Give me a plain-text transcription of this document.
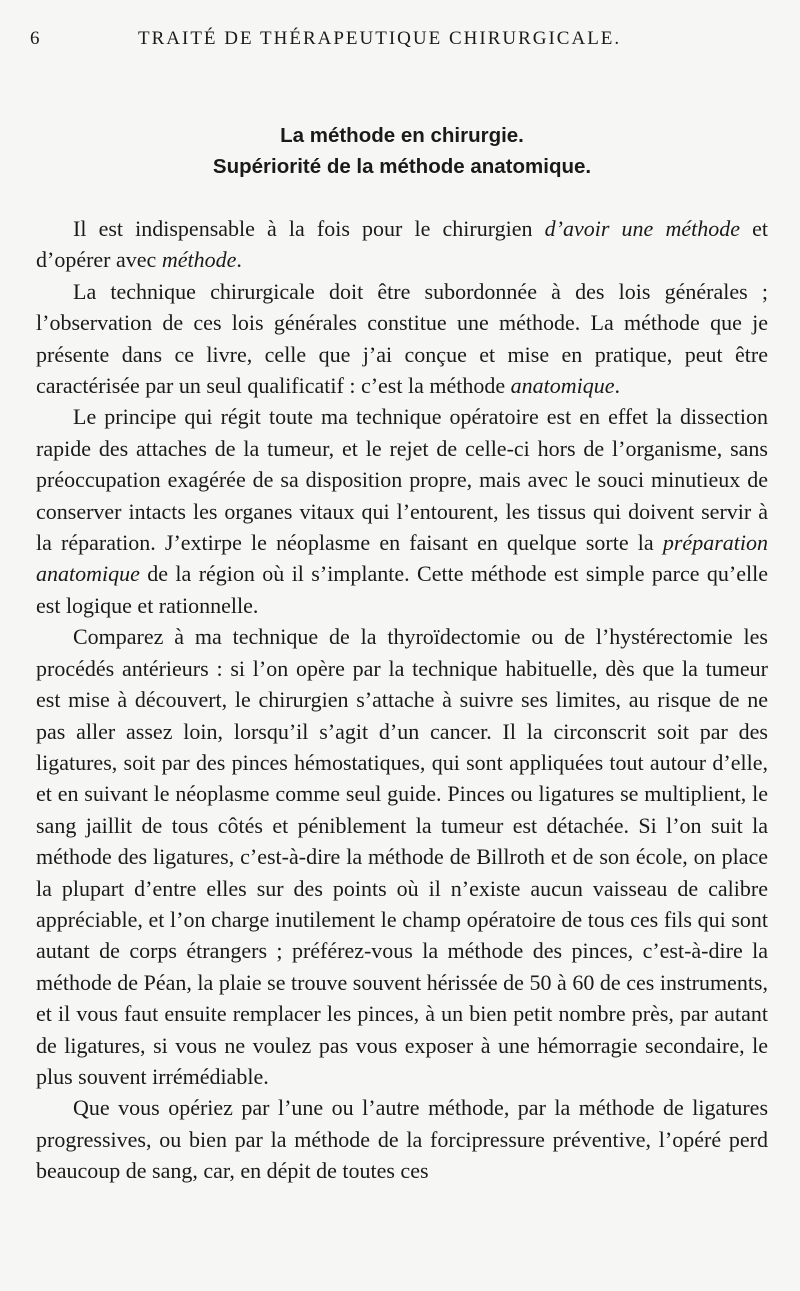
6	TRAITÉ DE THÉRAPEUTIQUE CHIRURGICALE.
La méthode en chirurgie.
Supériorité de la méthode anatomique.

Il est indispensable à la fois pour le chirurgien d’avoir une méthode et d’opérer avec méthode.

La technique chirurgicale doit être subordonnée à des lois générales ; l’observation de ces lois générales constitue une méthode. La méthode que je présente dans ce livre, celle que j’ai conçue et mise en pratique, peut être caractérisée par un seul qualificatif : c’est la méthode anatomique.

Le principe qui régit toute ma technique opératoire est en effet la dissection rapide des attaches de la tumeur, et le rejet de celle-ci hors de l’organisme, sans préoccupation exagérée de sa disposition propre, mais avec le souci minutieux de conserver intacts les organes vitaux qui l’entourent, les tissus qui doivent servir à la réparation. J’extirpe le néoplasme en faisant en quelque sorte la préparation anatomique de la région où il s’implante. Cette méthode est simple parce qu’elle est logique et rationnelle.

Comparez à ma technique de la thyroïdectomie ou de l’hystérectomie les procédés antérieurs : si l’on opère par la technique habituelle, dès que la tumeur est mise à découvert, le chirurgien s’attache à suivre ses limites, au risque de ne pas aller assez loin, lorsqu’il s’agit d’un cancer. Il la circonscrit soit par des ligatures, soit par des pinces hémostatiques, qui sont appliquées tout autour d’elle, et en suivant le néoplasme comme seul guide. Pinces ou ligatures se multiplient, le sang jaillit de tous côtés et péniblement la tumeur est détachée. Si l’on suit la méthode des ligatures, c’est-à-dire la méthode de Billroth et de son école, on place la plupart d’entre elles sur des points où il n’existe aucun vaisseau de calibre appréciable, et l’on charge inutilement le champ opératoire de tous ces fils qui sont autant de corps étrangers ; préférez-vous la méthode des pinces, c’est-à-dire la méthode de Péan, la plaie se trouve souvent hérissée de 50 à 60 de ces instruments, et il vous faut ensuite remplacer les pinces, à un bien petit nombre près, par autant de ligatures, si vous ne voulez pas vous exposer à une hémorragie secondaire, le plus souvent irrémédiable.

Que vous opériez par l’une ou l’autre méthode, par la méthode de ligatures progressives, ou bien par la méthode de la forcipressure préventive, l’opéré perd beaucoup de sang, car, en dépit de toutes ces
